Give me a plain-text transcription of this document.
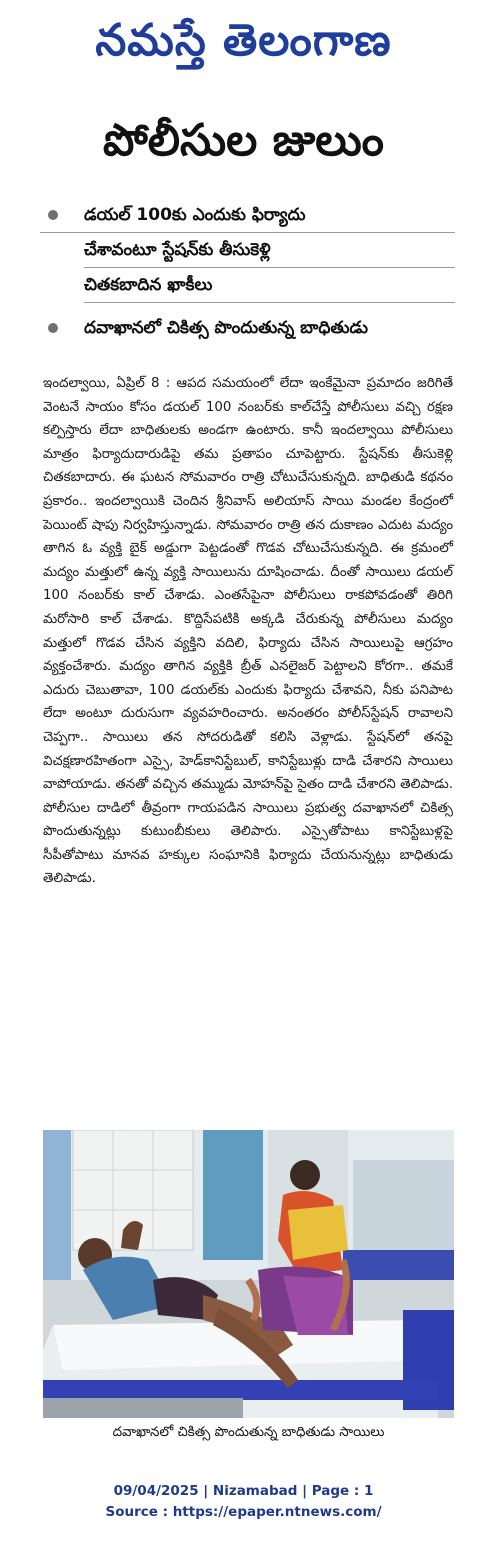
నమస్తే తెలంగాణ
పోలీసుల జులుం
డయల్ 100కు ఎందుకు ఫిర్యాదు
చేశావంటూ స్టేషన్‌కు తీసుకెళ్లి
చితకబాదిన ఖాకీలు
దవాఖానలో చికిత్స పొందుతున్న బాధితుడు

ఇందల్వాయి, ఏప్రిల్ 8 : ఆపద సమయంలో లేదా ఇంకేమైనా ప్రమాదం జరిగితే వెంటనే సాయం కోసం డయల్ 100 నంబర్‌కు కాల్‌చేస్తే పోలీసులు వచ్చి రక్షణ కల్పిస్తారు లేదా బాధితులకు అండగా ఉంటారు. కానీ ఇందల్వాయి పోలీసులు మాత్రం ఫిర్యాదుదారుడిపై తమ ప్రతాపం చూపెట్టారు. స్టేషన్‌కు తీసుకెళ్లి చితకబాదారు. ఈ ఘటన సోమవారం రాత్రి చోటుచేసుకున్నది. బాధితుడి కథనం ప్రకారం.. ఇందల్వాయికి చెందిన శ్రీనివాస్ అలియాస్ సాయి మండల కేంద్రంలో పెయింట్ షాపు నిర్వహిస్తున్నాడు. సోమవారం రాత్రి తన దుకాణం ఎదుట మద్యం తాగిన ఓ వ్యక్తి బైక్ అడ్డుగా పెట్టడంతో గొడవ చోటుచేసుకున్నది. ఈ క్రమంలో మద్యం మత్తులో ఉన్న వ్యక్తి సాయిలును దూషించాడు. దీంతో సాయిలు డయల్ 100 నంబర్‌కు కాల్ చేశాడు. ఎంతసేపైనా పోలీసులు రాకపోవడంతో తిరిగి మరోసారి కాల్ చేశాడు. కొద్దిసేపటికి అక్కడి చేరుకున్న పోలీసులు మద్యం మత్తులో గొడవ చేసిన వ్యక్తిని వదిలి, ఫిర్యాదు చేసిన సాయిలుపై ఆగ్రహం వ్యక్తంచేశారు. మద్యం తాగిన వ్యక్తికి బ్రీత్ ఎనలైజర్ పెట్టాలని కోరగా.. తమకే ఎదురు చెబుతావా, 100 డయల్‌కు ఎందుకు ఫిర్యాదు చేశావని, నీకు పనిపాట లేదా అంటూ దురుసుగా వ్యవహరించారు. అనంతరం పోలీస్‌స్టేషన్ రావాలని చెప్పగా.. సాయిలు తన సోదరుడితో కలిసి వెళ్లాడు. స్టేషన్‌లో తనపై విచక్షణారహితంగా ఎస్సై, హెడ్‌కానిస్టేబుల్, కానిస్టేబుళ్లు దాడి చేశారని సాయిలు వాపోయాడు. తనతో వచ్చిన తమ్ముడు మోహన్‌పై సైతం దాడి చేశారని తెలిపాడు. పోలీసుల దాడిలో తీవ్రంగా గాయపడిన సాయిలు ప్రభుత్వ దవాఖానలో చికిత్స పొందుతున్నట్లు కుటుంబీకులు తెలిపారు. ఎస్సైతోపాటు కానిస్టేబుళ్లపై సీపీతోపాటు మానవ హక్కుల సంఘానికి ఫిర్యాదు చేయనున్నట్లు బాధితుడు తెలిపాడు.

దవాఖానలో చికిత్స పొందుతున్న బాధితుడు సాయిలు
09/04/2025 | Nizamabad | Page : 1
Source : https://epaper.ntnews.com/
